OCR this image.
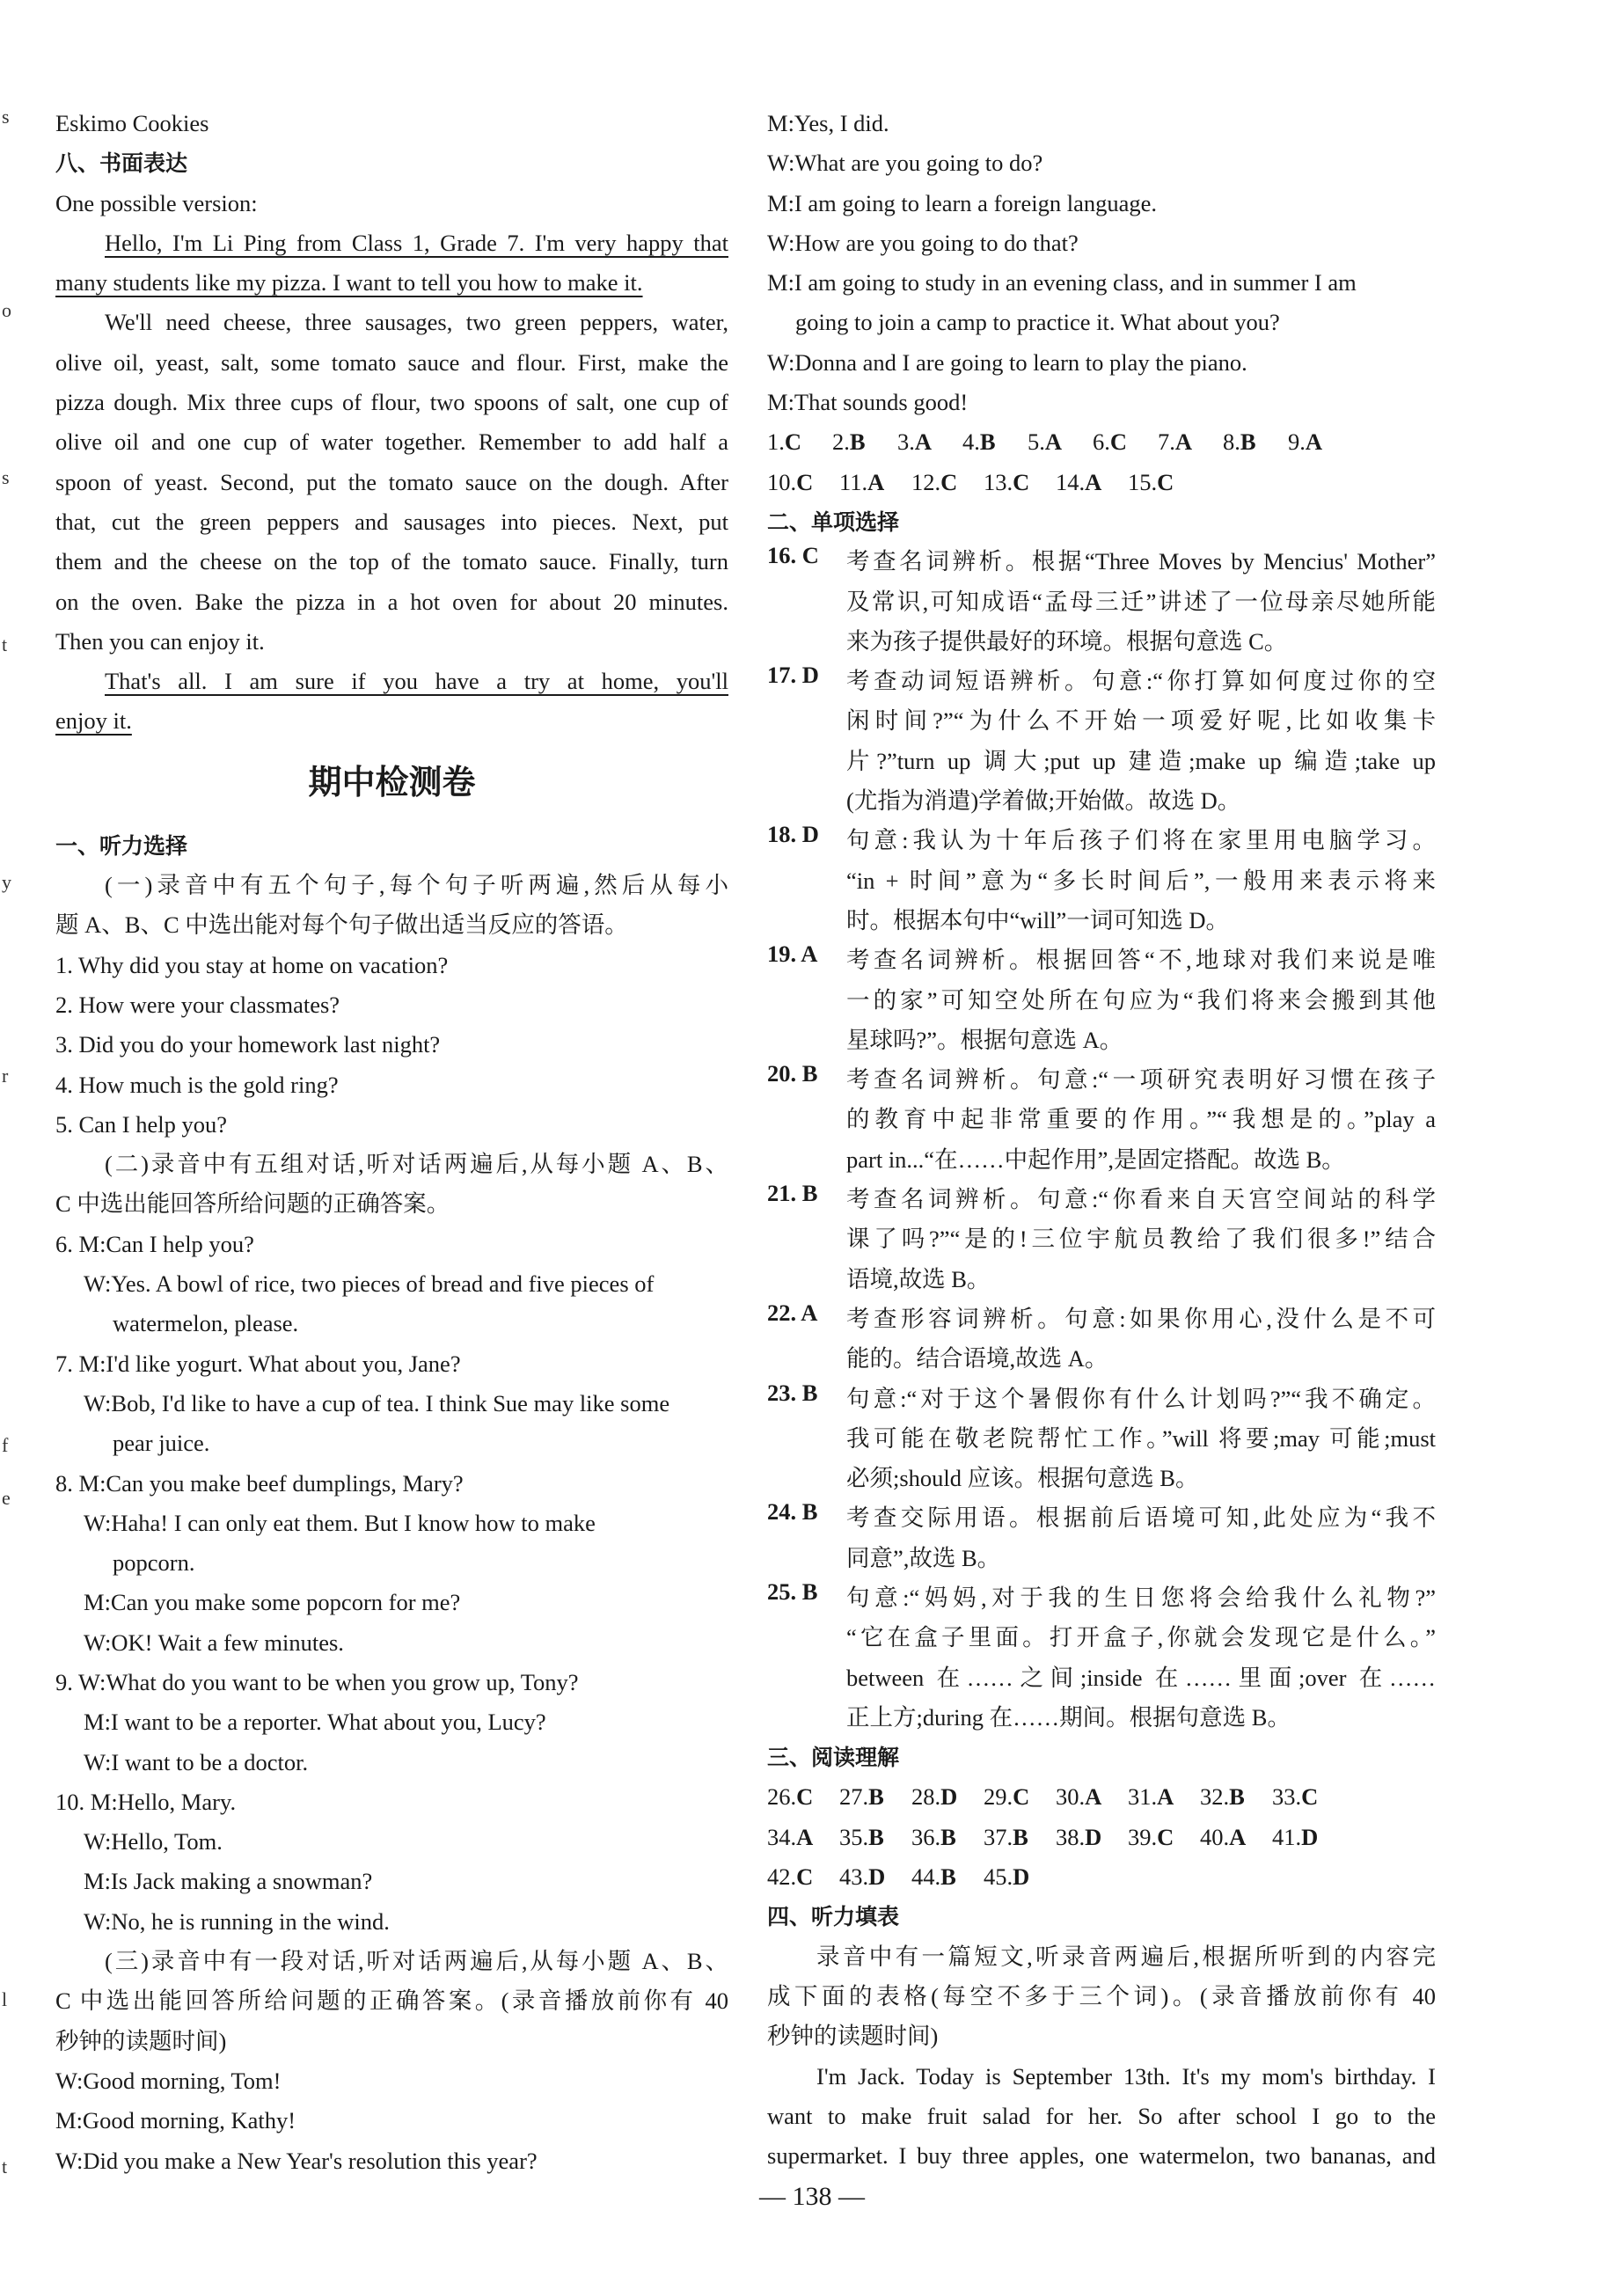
s
o
s
t
y
r
f
e
l
t

Eskimo Cookies

八、书面表达

One possible version:

Hello, I'm Li Ping from Class 1, Grade 7. I'm very happy that

many students like my pizza. I want to tell you how to make it.

We'll need cheese, three sausages, two green peppers, water,

olive oil, yeast, salt, some tomato sauce and flour. First, make the

pizza dough. Mix three cups of flour, two spoons of salt, one cup of

olive oil and one cup of water together. Remember to add half a

spoon of yeast. Second, put the tomato sauce on the dough. After

that, cut the green peppers and sausages into pieces. Next, put

them and the cheese on the top of the tomato sauce. Finally, turn

on the oven. Bake the pizza in a hot oven for about 20 minutes.

Then you can enjoy it.

That's all. I am sure if you have a try at home, you'll

enjoy it.

期中检测卷

一、听力选择

(一)录音中有五个句子,每个句子听两遍,然后从每小

题 A、B、C 中选出能对每个句子做出适当反应的答语。

1. Why did you stay at home on vacation?

2. How were your classmates?

3. Did you do your homework last night?

4. How much is the gold ring?

5. Can I help you?

(二)录音中有五组对话,听对话两遍后,从每小题 A、B、

C 中选出能回答所给问题的正确答案。

6. M:Can I help you?

W:Yes. A bowl of rice, two pieces of bread and five pieces of

watermelon, please.

7. M:I'd like yogurt. What about you, Jane?

W:Bob, I'd like to have a cup of tea. I think Sue may like some

pear juice.

8. M:Can you make beef dumplings, Mary?

W:Haha! I can only eat them. But I know how to make

popcorn.

M:Can you make some popcorn for me?

W:OK! Wait a few minutes.

9. W:What do you want to be when you grow up, Tony?

M:I want to be a reporter. What about you, Lucy?

W:I want to be a doctor.

10. M:Hello, Mary.

W:Hello, Tom.

M:Is Jack making a snowman?

W:No, he is running in the wind.

(三)录音中有一段对话,听对话两遍后,从每小题 A、B、

C 中选出能回答所给问题的正确答案。(录音播放前你有 40

秒钟的读题时间)

W:Good morning, Tom!

M:Good morning, Kathy!

W:Did you make a New Year's resolution this year?

M:Yes, I did.

W:What are you going to do?

M:I am going to learn a foreign language.

W:How are you going to do that?

M:I am going to study in an evening class, and in summer I am

going to join a camp to practice it. What about you?

W:Donna and I are going to learn to play the piano.

M:That sounds good!

1.C	2.B	3.A	4.B	5.A	6.C	7.A	8.B	9.A
10.C	11.A	12.C	13.C	14.A	15.C

二、单项选择

16. C	考查名词辨析。根据“Three Moves by Mencius' Mother”

及常识,可知成语“孟母三迁”讲述了一位母亲尽她所能

来为孩子提供最好的环境。根据句意选 C。

17. D	考查动词短语辨析。句意:“你打算如何度过你的空

闲时间?”“为什么不开始一项爱好呢,比如收集卡

片?”turn up 调大;put up 建造;make up 编造;take up

(尤指为消遣)学着做;开始做。故选 D。

18. D	句意:我认为十年后孩子们将在家里用电脑学习。

“in + 时间”意为“多长时间后”,一般用来表示将来

时。根据本句中“will”一词可知选 D。

19. A	考查名词辨析。根据回答“不,地球对我们来说是唯

一的家”可知空处所在句应为“我们将来会搬到其他

星球吗?”。根据句意选 A。

20. B	考查名词辨析。句意:“一项研究表明好习惯在孩子

的教育中起非常重要的作用。”“我想是的。”play a

part in...“在……中起作用”,是固定搭配。故选 B。

21. B	考查名词辨析。句意:“你看来自天宫空间站的科学

课了吗?”“是的!三位宇航员教给了我们很多!”结合

语境,故选 B。

22. A	考查形容词辨析。句意:如果你用心,没什么是不可

能的。结合语境,故选 A。

23. B	句意:“对于这个暑假你有什么计划吗?”“我不确定。

我可能在敬老院帮忙工作。”will 将要;may 可能;must

必须;should 应该。根据句意选 B。

24. B	考查交际用语。根据前后语境可知,此处应为“我不

同意”,故选 B。

25. B	句意:“妈妈,对于我的生日您将会给我什么礼物?”

“它在盒子里面。打开盒子,你就会发现它是什么。”

between 在……之间;inside 在……里面;over 在……

正上方;during 在……期间。根据句意选 B。

三、阅读理解

26.C	27.B	28.D	29.C	30.A	31.A	32.B	33.C
34.A	35.B	36.B	37.B	38.D	39.C	40.A	41.D
42.C	43.D	44.B	45.D

四、听力填表

录音中有一篇短文,听录音两遍后,根据所听到的内容完

成下面的表格(每空不多于三个词)。(录音播放前你有 40

秒钟的读题时间)

I'm Jack. Today is September 13th. It's my mom's birthday. I

want to make fruit salad for her. So after school I go to the

supermarket. I buy three apples, one watermelon, two bananas, and

— 138 —
